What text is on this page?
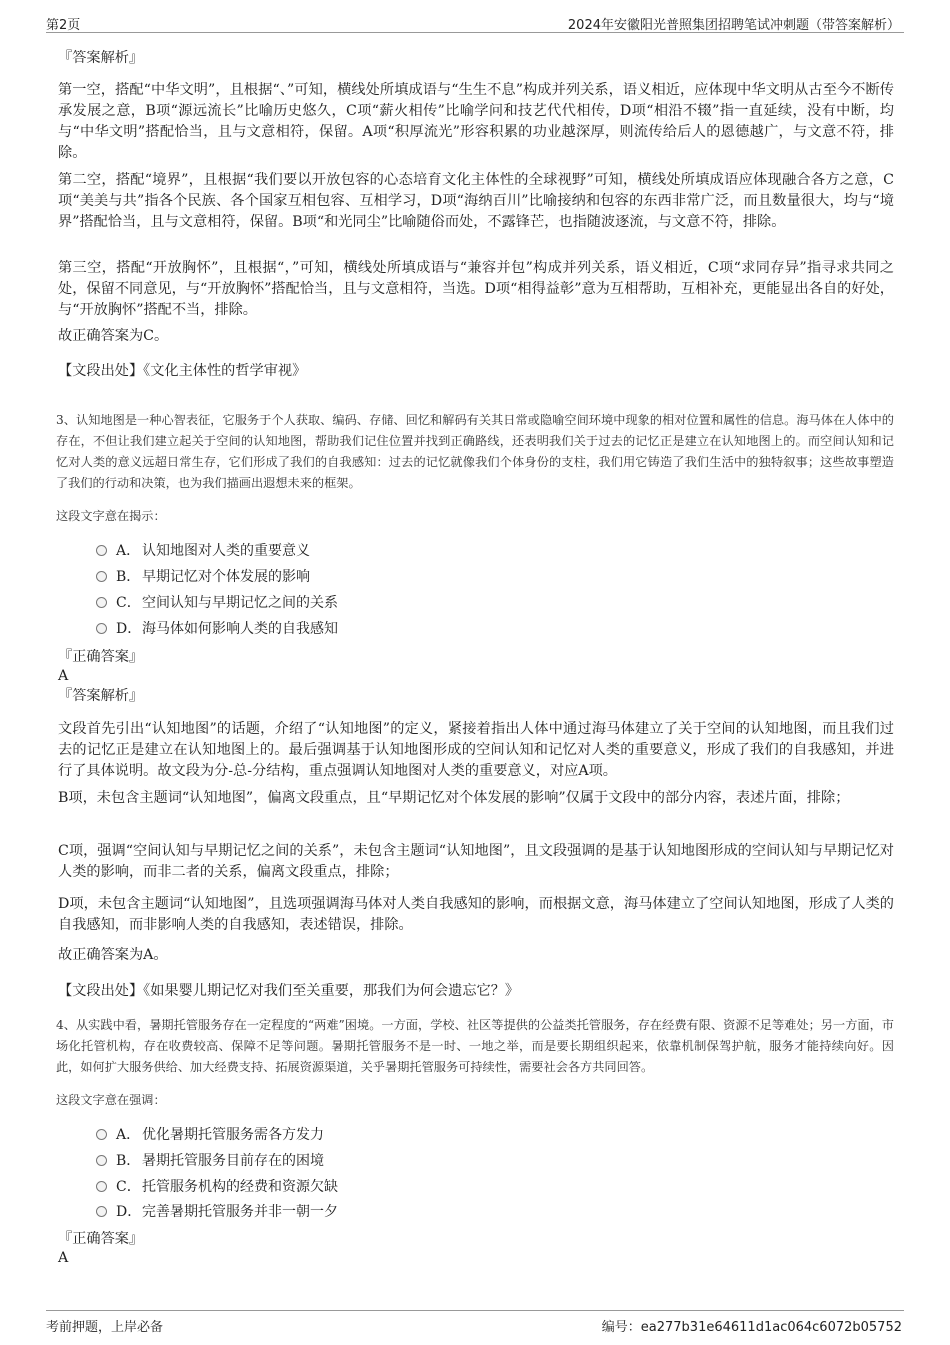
第2页	2024年安徽阳光普照集团招聘笔试冲刺题（带答案解析）
『答案解析』
第一空，搭配“中华文明”，且根据“、”可知，横线处所填成语与“生生不息”构成并列关系，语义相近，应体现中华文明从古至今不断传承发展之意，B项“源远流长”比喻历史悠久，C项“薪火相传”比喻学问和技艺代代相传，D项“相沿不辍”指一直延续，没有中断，均与“中华文明”搭配恰当，且与文意相符，保留。A项“积厚流光”形容积累的功业越深厚，则流传给后人的恩德越广，与文意不符，排除。
第二空，搭配“境界”，且根据“我们要以开放包容的心态培育文化主体性的全球视野”可知，横线处所填成语应体现融合各方之意，C项“美美与共”指各个民族、各个国家互相包容、互相学习，D项“海纳百川”比喻接纳和包容的东西非常广泛，而且数量很大，均与“境界”搭配恰当，且与文意相符，保留。B项“和光同尘”比喻随俗而处，不露锋芒，也指随波逐流，与文意不符，排除。
第三空，搭配“开放胸怀”，且根据“，”可知，横线处所填成语与“兼容并包”构成并列关系，语义相近，C项“求同存异”指寻求共同之处，保留不同意见，与“开放胸怀”搭配恰当，且与文意相符，当选。D项“相得益彰”意为互相帮助，互相补充，更能显出各自的好处，与“开放胸怀”搭配不当，排除。
故正确答案为C。
【文段出处】《文化主体性的哲学审视》
3、认知地图是一种心智表征，它服务于个人获取、编码、存储、回忆和解码有关其日常或隐喻空间环境中现象的相对位置和属性的信息。海马体在人体中的存在，不但让我们建立起关于空间的认知地图，帮助我们记住位置并找到正确路线，还表明我们关于过去的记忆正是建立在认知地图上的。而空间认知和记忆对人类的意义远超日常生存，它们形成了我们的自我感知：过去的记忆就像我们个体身份的支柱，我们用它铸造了我们生活中的独特叙事；这些故事塑造了我们的行动和决策，也为我们描画出遐想未来的框架。
这段文字意在揭示：
A． 认知地图对人类的重要意义
B． 早期记忆对个体发展的影响
C． 空间认知与早期记忆之间的关系
D． 海马体如何影响人类的自我感知
『正确答案』
A
『答案解析』
文段首先引出“认知地图”的话题，介绍了“认知地图”的定义，紧接着指出人体中通过海马体建立了关于空间的认知地图，而且我们过去的记忆正是建立在认知地图上的。最后强调基于认知地图形成的空间认知和记忆对人类的重要意义，形成了我们的自我感知，并进行了具体说明。故文段为分-总-分结构，重点强调认知地图对人类的重要意义，对应A项。
B项，未包含主题词“认知地图”，偏离文段重点，且“早期记忆对个体发展的影响”仅属于文段中的部分内容，表述片面，排除；
C项，强调“空间认知与早期记忆之间的关系”，未包含主题词“认知地图”，且文段强调的是基于认知地图形成的空间认知与早期记忆对人类的影响，而非二者的关系，偏离文段重点，排除；
D项，未包含主题词“认知地图”，且选项强调海马体对人类自我感知的影响，而根据文意，海马体建立了空间认知地图，形成了人类的自我感知，而非影响人类的自我感知，表述错误，排除。
故正确答案为A。
【文段出处】《如果婴儿期记忆对我们至关重要，那我们为何会遗忘它？》
4、从实践中看，暑期托管服务存在一定程度的“两难”困境。一方面，学校、社区等提供的公益类托管服务，存在经费有限、资源不足等难处；另一方面，市场化托管机构，存在收费较高、保障不足等问题。暑期托管服务不是一时、一地之举，而是要长期组织起来，依靠机制保驾护航，服务才能持续向好。因此，如何扩大服务供给、加大经费支持、拓展资源渠道，关乎暑期托管服务可持续性，需要社会各方共同回答。
这段文字意在强调：
A． 优化暑期托管服务需各方发力
B． 暑期托管服务目前存在的困境
C． 托管服务机构的经费和资源欠缺
D． 完善暑期托管服务并非一朝一夕
『正确答案』
A
考前押题，上岸必备	编号：ea277b31e64611d1ac064c6072b05752
